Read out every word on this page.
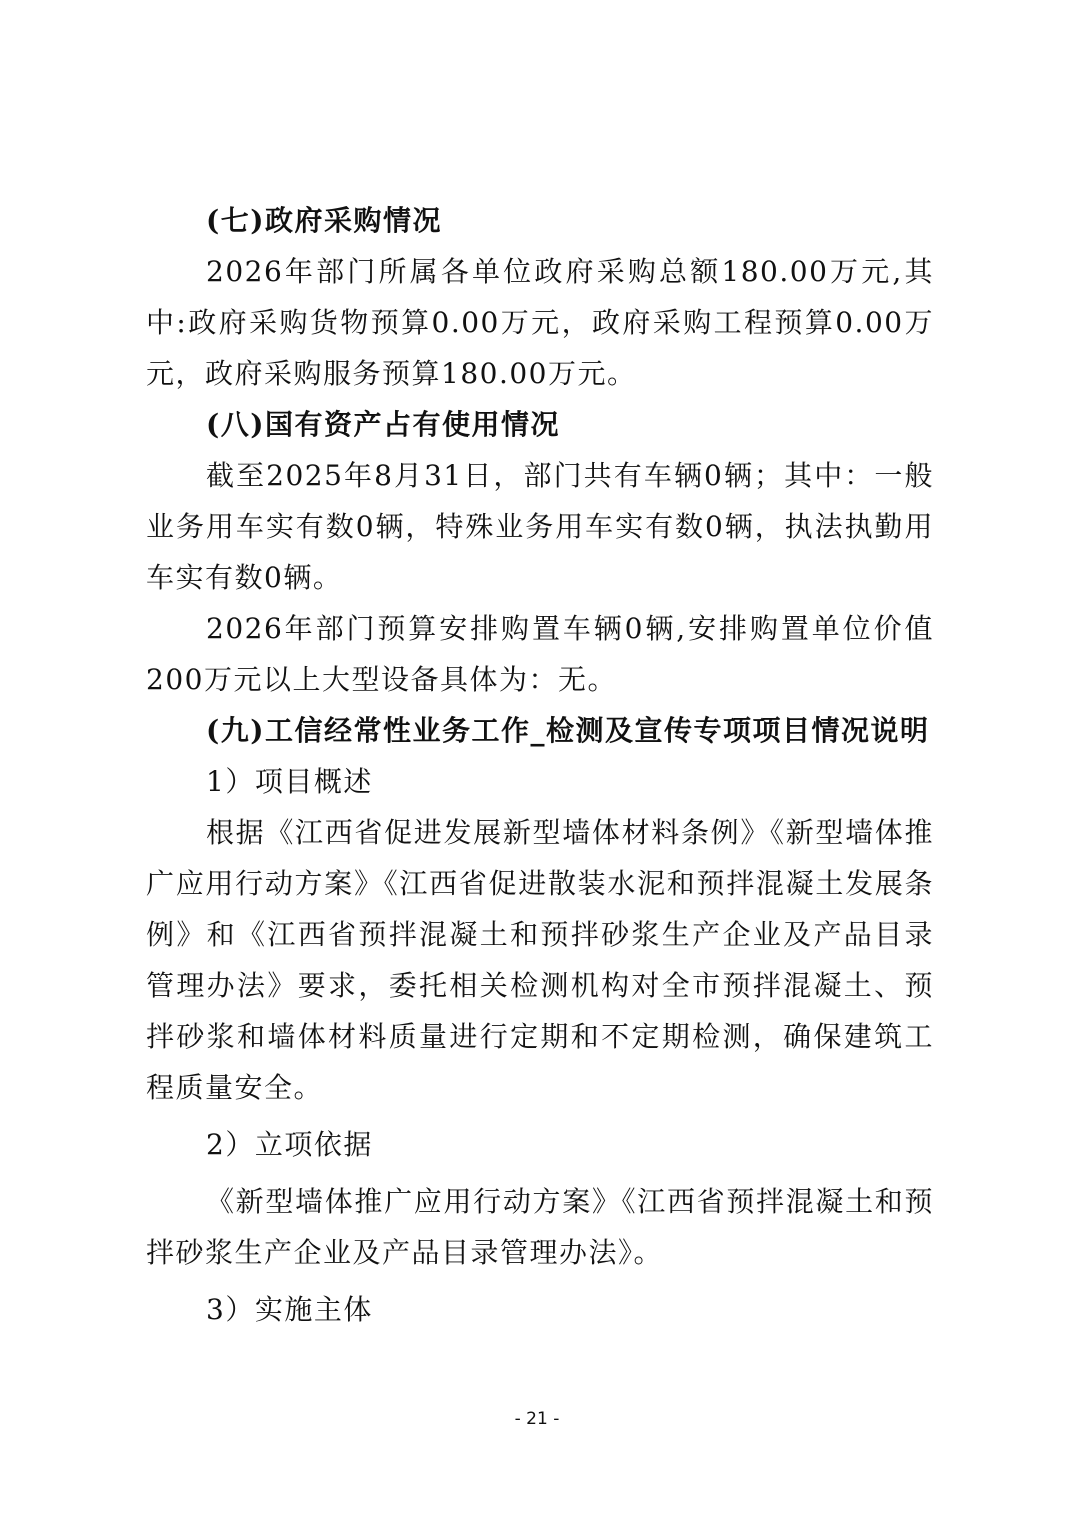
(七)政府采购情况
2026年部门所属各单位政府采购总额180.00万元,其中:政府采购货物预算0.00万元，政府采购工程预算0.00万元，政府采购服务预算180.00万元。
(八)国有资产占有使用情况
截至2025年8月31日，部门共有车辆0辆；其中：一般业务用车实有数0辆，特殊业务用车实有数0辆，执法执勤用车实有数0辆。
2026年部门预算安排购置车辆0辆,安排购置单位价值200万元以上大型设备具体为：无。
(九)工信经常性业务工作_检测及宣传专项项目情况说明
1）项目概述
根据《江西省促进发展新型墙体材料条例》《新型墙体推广应用行动方案》《江西省促进散装水泥和预拌混凝土发展条例》和《江西省预拌混凝土和预拌砂浆生产企业及产品目录管理办法》要求，委托相关检测机构对全市预拌混凝土、预拌砂浆和墙体材料质量进行定期和不定期检测，确保建筑工程质量安全。
2）立项依据
《新型墙体推广应用行动方案》《江西省预拌混凝土和预拌砂浆生产企业及产品目录管理办法》。
3）实施主体
- 21 -
